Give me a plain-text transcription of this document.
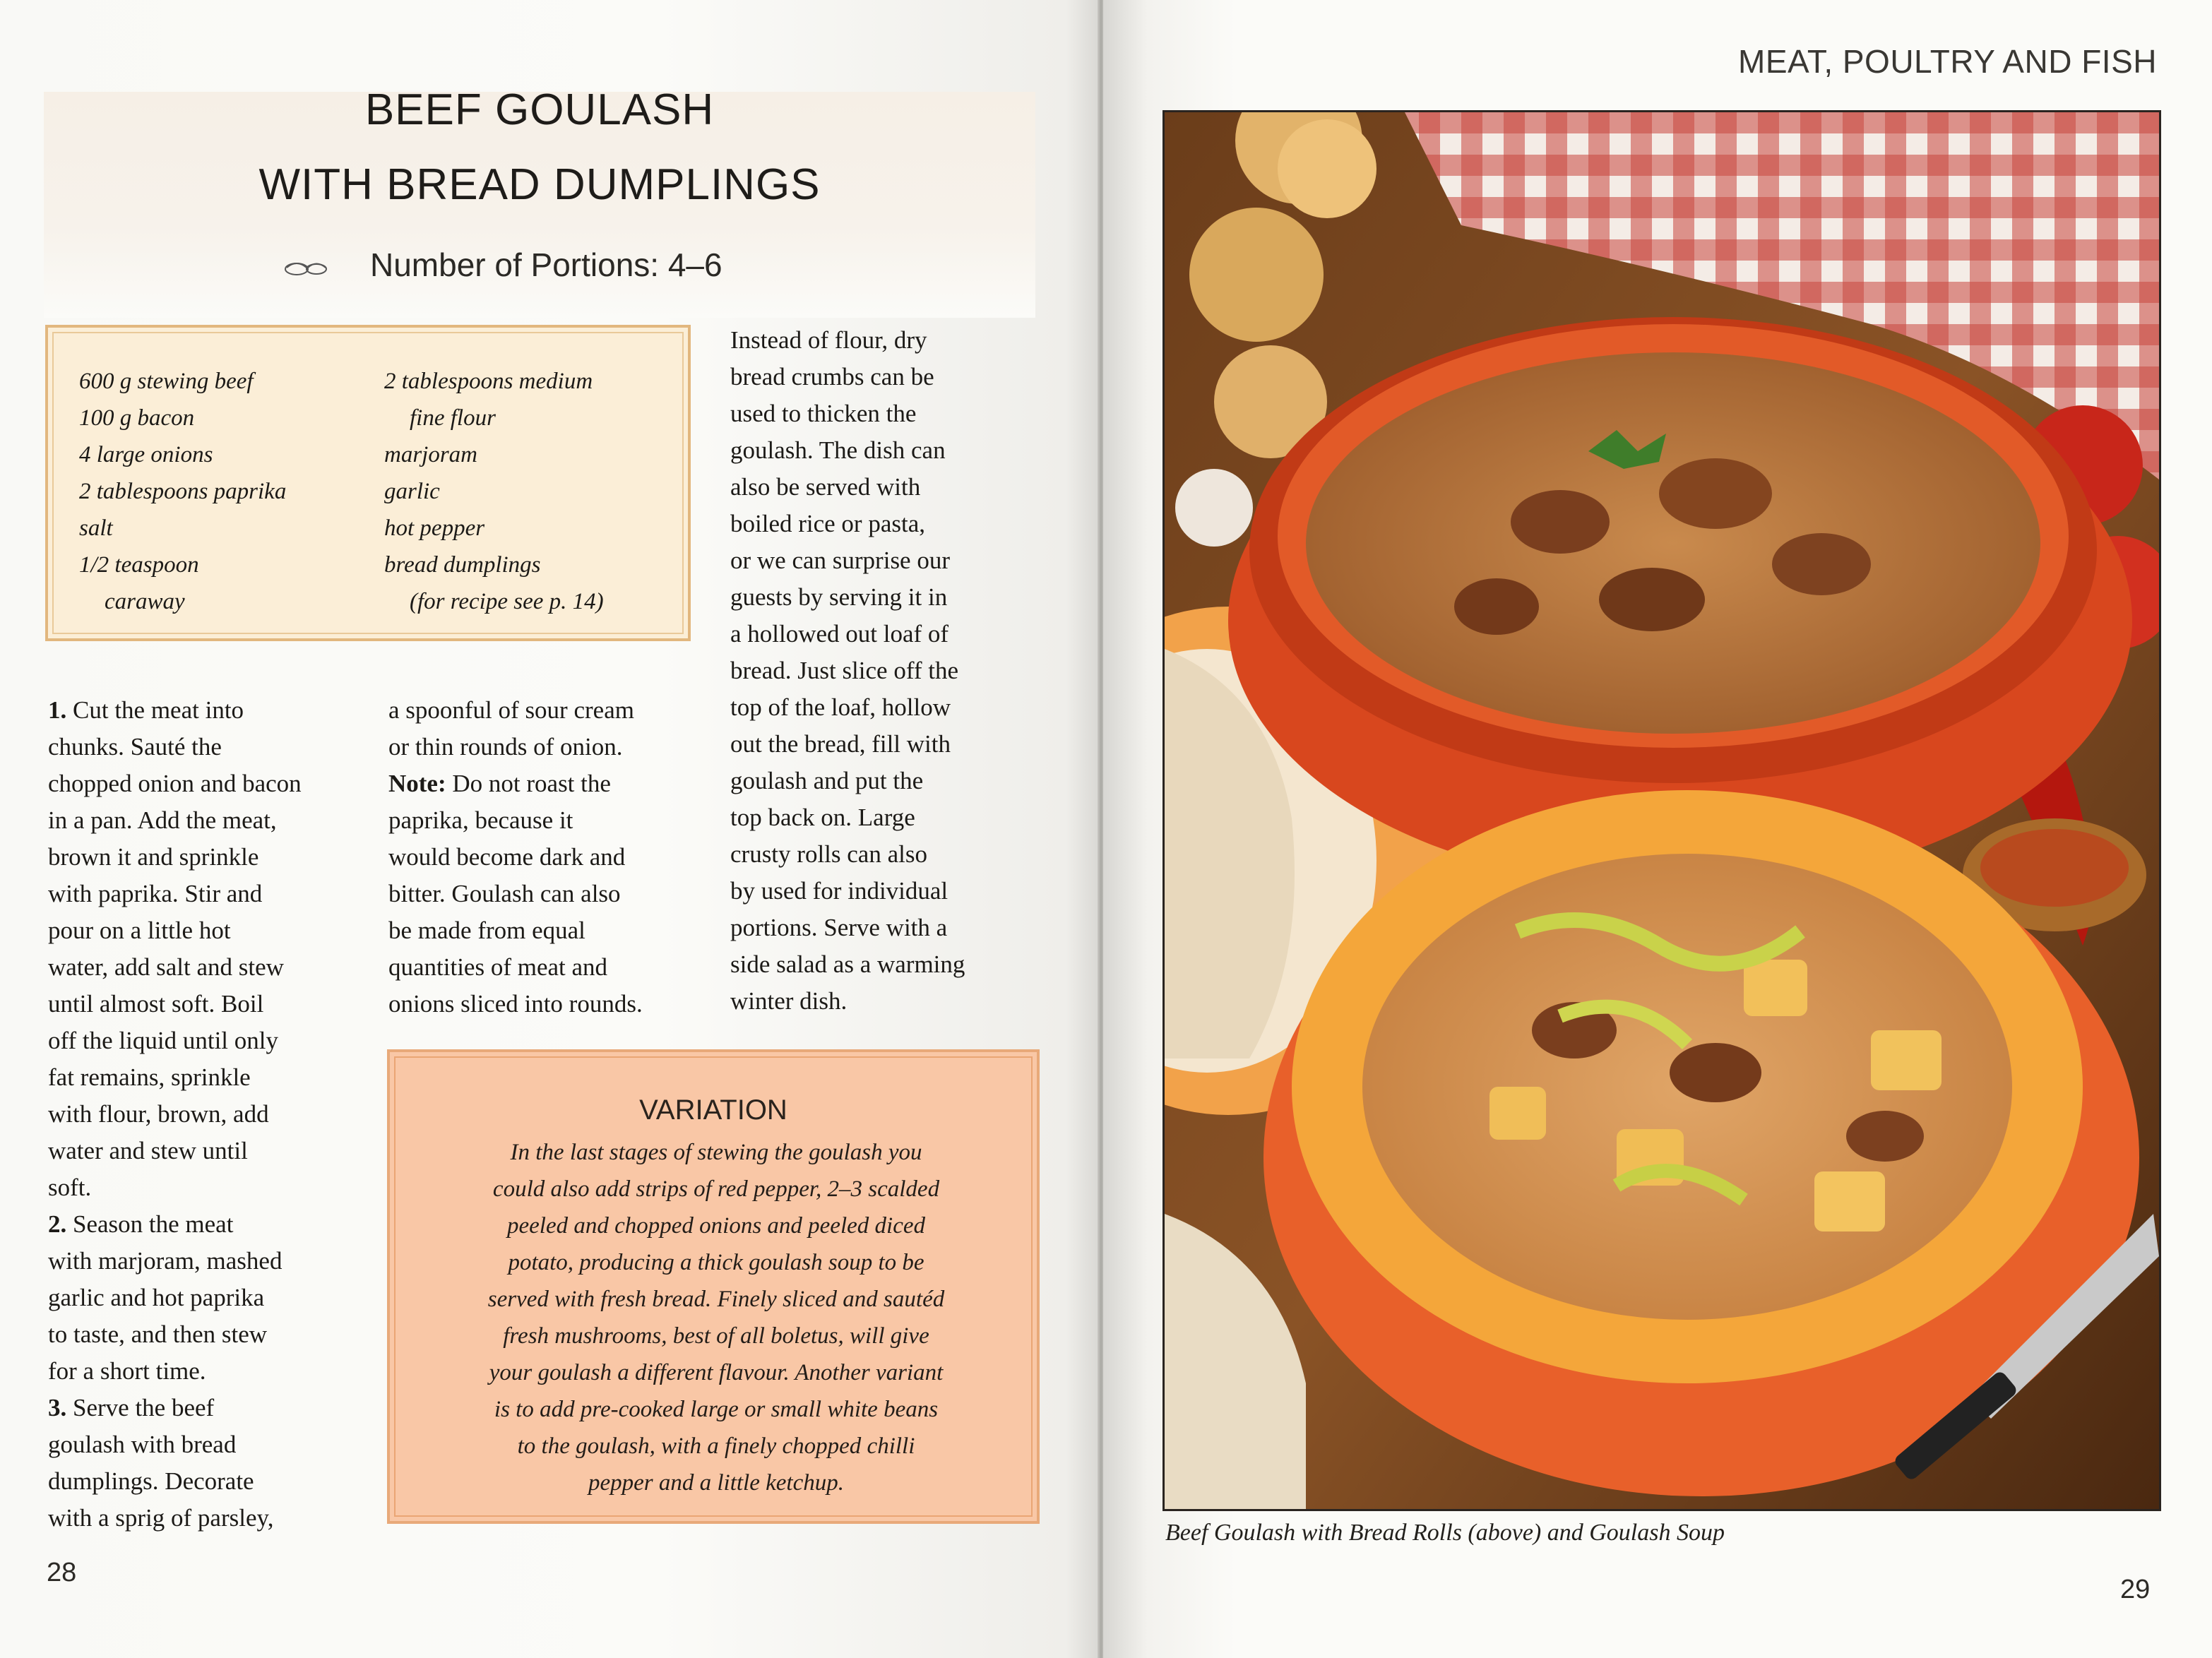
BEEF GOULASH
WITH BREAD DUMPLINGS
Number of Portions: 4–6
600 g stewing beef
100 g bacon
4 large onions
2 tablespoons paprika
salt
1/2 teaspoon
caraway
2 tablespoons medium
fine flour
marjoram
garlic
hot pepper
bread dumplings
(for recipe see p. 14)

Instead of flour, dry

bread crumbs can be

used to thicken the

goulash. The dish can

also be served with

boiled rice or pasta,

or we can surprise our

guests by serving it in

a hollowed out loaf of

bread. Just slice off the

top of the loaf, hollow

out the bread, fill with

goulash and put the

top back on. Large

crusty rolls can also

by used for individual

portions. Serve with a

side salad as a warming

winter dish.

1. Cut the meat into

chunks. Sauté the

chopped onion and bacon

in a pan. Add the meat,

brown it and sprinkle

with paprika. Stir and

pour on a little hot

water, add salt and stew

until almost soft. Boil

off the liquid until only

fat remains, sprinkle

with flour, brown, add

water and stew until

soft.

2. Season the meat

with marjoram, mashed

garlic and hot paprika

to taste, and then stew

for a short time.

3. Serve the beef

goulash with bread

dumplings. Decorate

with a sprig of parsley,

a spoonful of sour cream

or thin rounds of onion.

Note: Do not roast the

paprika, because it

would become dark and

bitter. Goulash can also

be made from equal

quantities of meat and

onions sliced into rounds.

VARIATION
In the last stages of stewing the goulash you
could also add strips of red pepper, 2–3 scalded
peeled and chopped onions and peeled diced
potato, producing a thick goulash soup to be
served with fresh bread. Finely sliced and sautéd
fresh mushrooms, best of all boletus, will give
your goulash a different flavour. Another variant
is to add pre-cooked large or small white beans
to the goulash, with a finely chopped chilli
pepper and a little ketchup.
28
MEAT, POULTRY AND FISH
Beef Goulash with Bread Rolls (above) and Goulash Soup
29
